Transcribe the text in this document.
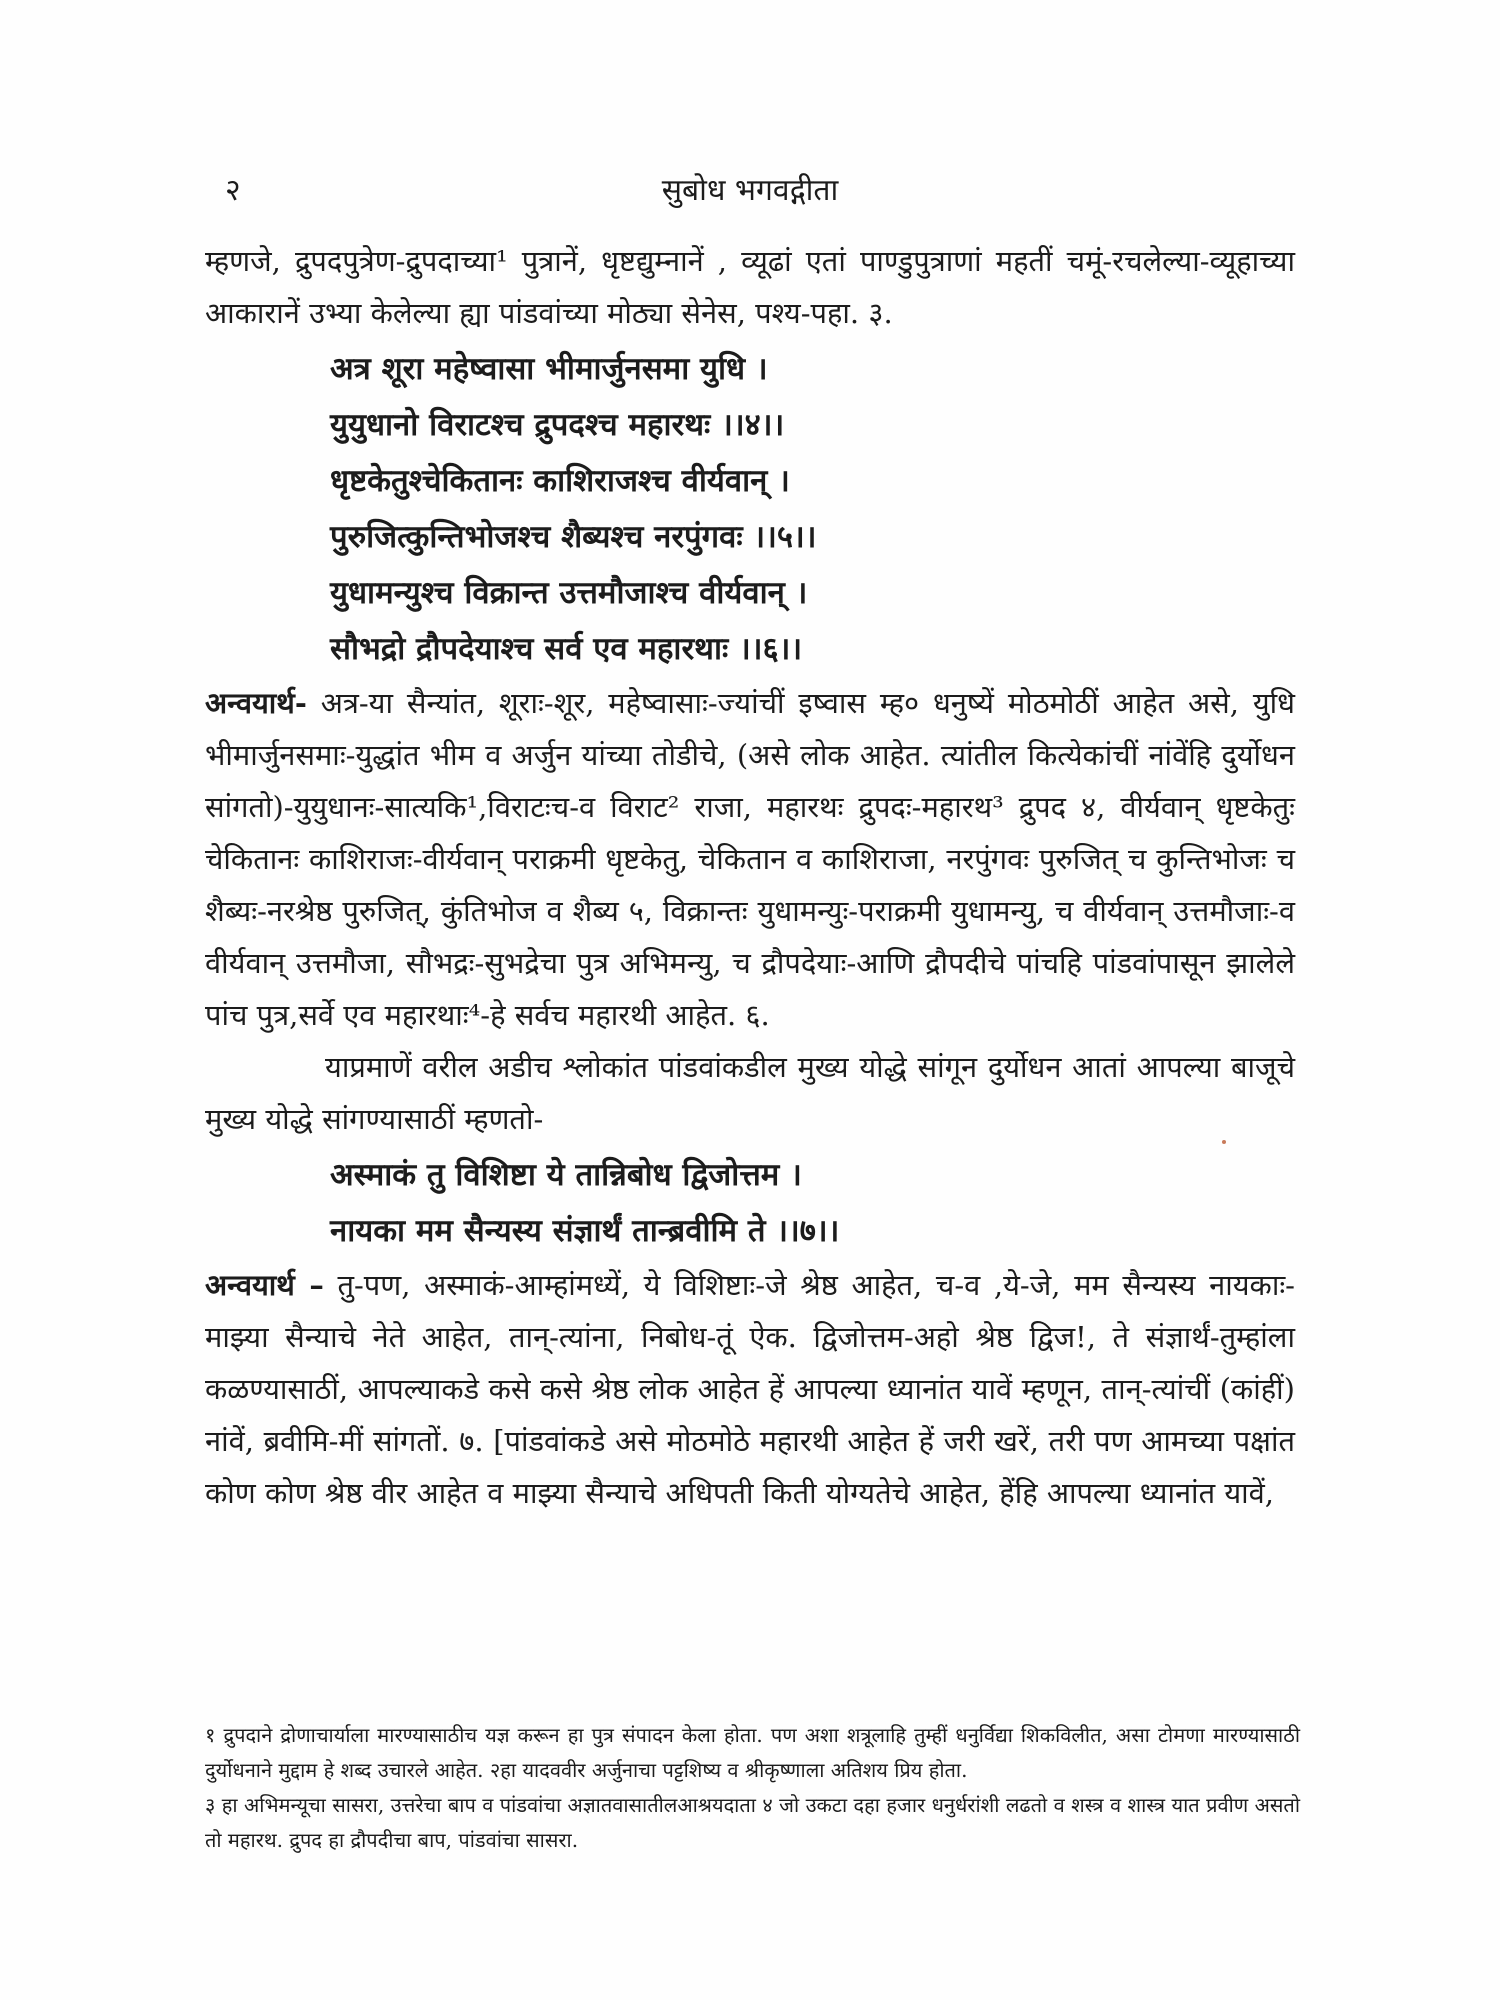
२	सुबोध भगवद्गीता

म्हणजे, द्रुपदपुत्रेण-द्रुपदाच्या¹ पुत्रानें, धृष्टद्युम्नानें , व्यूढां एतां पाण्डुपुत्राणां महतीं चमूं-रचलेल्या-व्यूहाच्या आकारानें उभ्या केलेल्या ह्या पांडवांच्या मोठ्या सेनेस, पश्य-पहा. ३.

अत्र शूरा महेष्वासा भीमार्जुनसमा युधि ।
युयुधानो विराटश्च द्रुपदश्च महारथः ।।४।।
धृष्टकेतुश्चेकितानः काशिराजश्च वीर्यवान् ।
पुरुजित्कुन्तिभोजश्च शैब्यश्च नरपुंगवः ।।५।।
युधामन्युश्च विक्रान्त उत्तमौजाश्च वीर्यवान् ।
सौभद्रो द्रौपदेयाश्च सर्व एव महारथाः ।।६।।

अन्वयार्थ- अत्र-या सैन्यांत, शूराः-शूर, महेष्वासाः-ज्यांचीं इष्वास म्ह० धनुष्यें मोठमोठीं आहेत असे, युधि भीमार्जुनसमाः-युद्धांत भीम व अर्जुन यांच्या तोडीचे, (असे लोक आहेत. त्यांतील कित्येकांचीं नांवेंहि दुर्योधन सांगतो)-युयुधानः-सात्यकि¹,विराटःच-व विराट² राजा, महारथः द्रुपदः-महारथ³ द्रुपद ४, वीर्यवान् धृष्टकेतुः चेकितानः काशिराजः-वीर्यवान् पराक्रमी धृष्टकेतु, चेकितान व काशिराजा, नरपुंगवः पुरुजित् च कुन्तिभोजः च शैब्यः-नरश्रेष्ठ पुरुजित्, कुंतिभोज व शैब्य ५, विक्रान्तः युधामन्युः-पराक्रमी युधामन्यु, च वीर्यवान् उत्तमौजाः-व वीर्यवान् उत्तमौजा, सौभद्रः-सुभद्रेचा पुत्र अभिमन्यु, च द्रौपदेयाः-आणि द्रौपदीचे पांचहि पांडवांपासून झालेले पांच पुत्र,सर्वे एव महारथाः⁴-हे सर्वच महारथी आहेत. ६.

याप्रमाणें वरील अडीच श्लोकांत पांडवांकडील मुख्य योद्धे सांगून दुर्योधन आतां आपल्या बाजूचे मुख्य योद्धे सांगण्यासाठीं म्हणतो-

अस्माकं तु विशिष्टा ये तान्निबोध द्विजोत्तम ।
नायका मम सैन्यस्य संज्ञार्थं तान्ब्रवीमि ते ।।७।।

अन्वयार्थ – तु-पण, अस्माकं-आम्हांमध्यें, ये विशिष्टाः-जे श्रेष्ठ आहेत, च-व ,ये-जे, मम सैन्यस्य नायकाः-माझ्या सैन्याचे नेते आहेत, तान्-त्यांना, निबोध-तूं ऐक. द्विजोत्तम-अहो श्रेष्ठ द्विज!, ते संज्ञार्थं-तुम्हांला कळण्यासाठीं, आपल्याकडे कसे कसे श्रेष्ठ लोक आहेत हें आपल्या ध्यानांत यावें म्हणून, तान्-त्यांचीं (कांहीं) नांवें, ब्रवीमि-मीं सांगतों. ७. [पांडवांकडे असे मोठमोठे महारथी आहेत हें जरी खरें, तरी पण आमच्या पक्षांत कोण कोण श्रेष्ठ वीर आहेत व माझ्या सैन्याचे अधिपती किती योग्यतेचे आहेत, हेंहि आपल्या ध्यानांत यावें,

१ द्रुपदाने द्रोणाचार्याला मारण्यासाठीच यज्ञ करून हा पुत्र संपादन केला होता. पण अशा शत्रूलाहि तुम्हीं धनुर्विद्या शिकविलीत, असा टोमणा मारण्यासाठी दुर्योधनाने मुद्दाम हे शब्द उचारले आहेत. २हा यादववीर अर्जुनाचा पट्टशिष्य व श्रीकृष्णाला अतिशय प्रिय होता.

३ हा अभिमन्यूचा सासरा, उत्तरेचा बाप व पांडवांचा अज्ञातवासातीलआश्रयदाता ४ जो उकटा दहा हजार धनुर्धरांशी लढतो व शस्त्र व शास्त्र यात प्रवीण असतो तो महारथ. द्रुपद हा द्रौपदीचा बाप, पांडवांचा सासरा.
